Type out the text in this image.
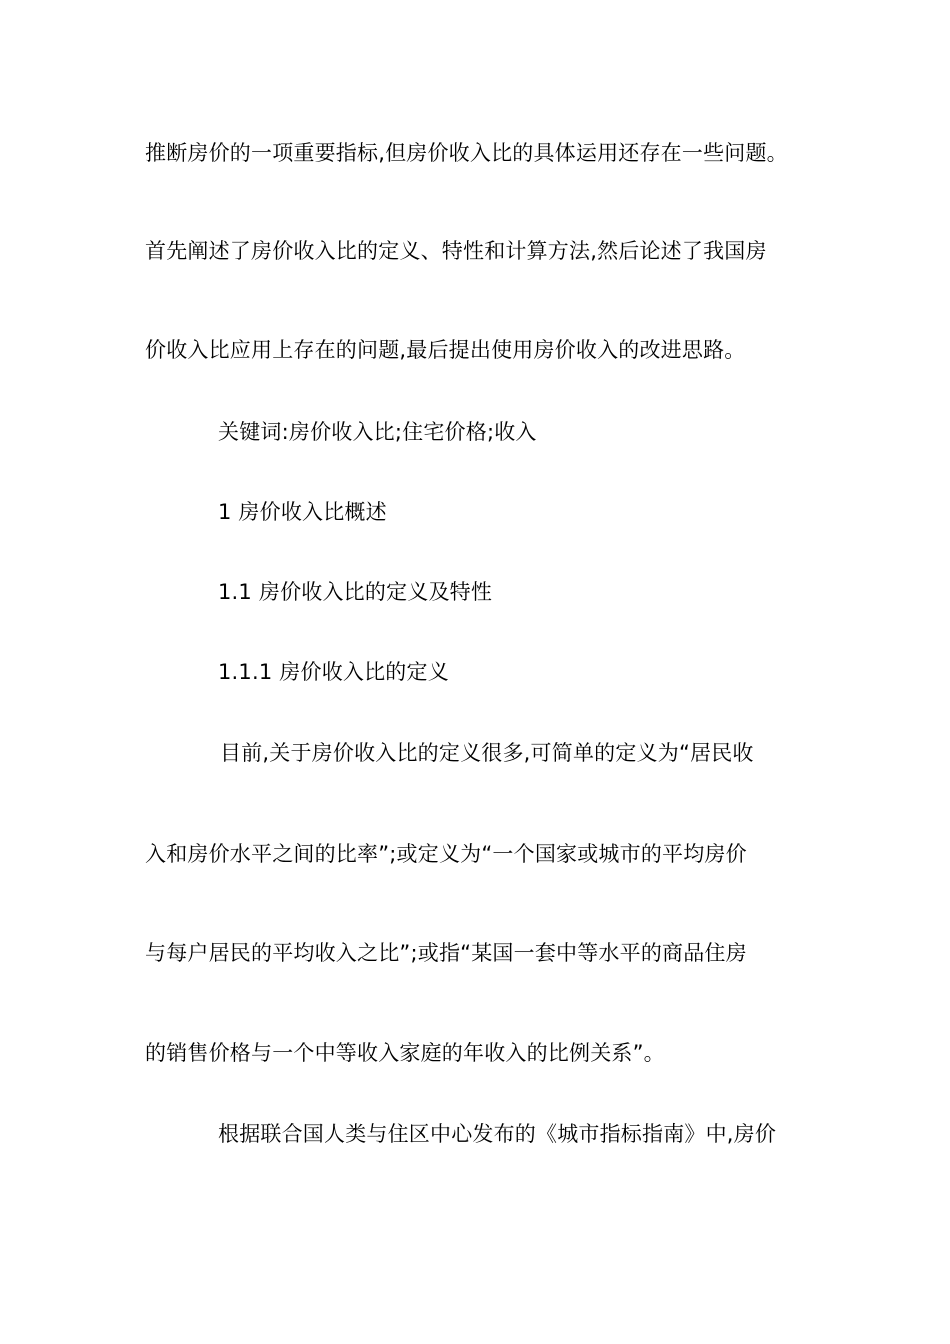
推断房价的一项重要指标,但房价收入比的具体运用还存在一些问题。
首先阐述了房价收入比的定义、特性和计算方法,然后论述了我国房
价收入比应用上存在的问题,最后提出使用房价收入的改进思路。
关键词:房价收入比;住宅价格;收入
1 房价收入比概述
1.1 房价收入比的定义及特性
1.1.1 房价收入比的定义
目前,关于房价收入比的定义很多,可简单的定义为“居民收
入和房价水平之间的比率”;或定义为“一个国家或城市的平均房价
与每户居民的平均收入之比”;或指“某国一套中等水平的商品住房
的销售价格与一个中等收入家庭的年收入的比例关系”。
根据联合国人类与住区中心发布的《城市指标指南》中,房价
